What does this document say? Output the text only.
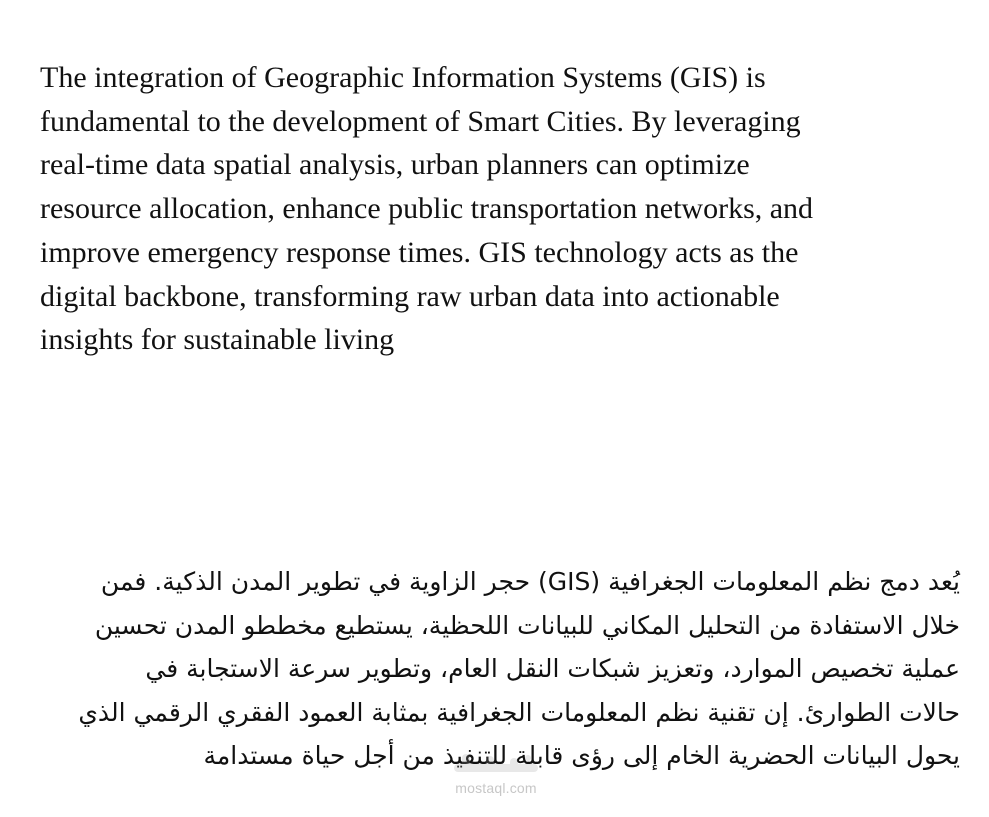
The integration of Geographic Information Systems (GIS) is
fundamental to the development of Smart Cities. By leveraging
real-time data spatial analysis, urban planners can optimize
resource allocation, enhance public transportation networks, and
improve emergency response times. GIS technology acts as the
digital backbone, transforming raw urban data into actionable
insights for sustainable living
يُعد دمج نظم المعلومات الجغرافية (GIS) حجر الزاوية في تطوير المدن الذكية. فمن
خلال الاستفادة من التحليل المكاني للبيانات اللحظية، يستطيع مخططو المدن تحسين
عملية تخصيص الموارد، وتعزيز شبكات النقل العام، وتطوير سرعة الاستجابة في
حالات الطوارئ. إن تقنية نظم المعلومات الجغرافية بمثابة العمود الفقري الرقمي الذي
يحول البيانات الحضرية الخام إلى رؤى قابلة للتنفيذ من أجل حياة مستدامة
mostaql.com
